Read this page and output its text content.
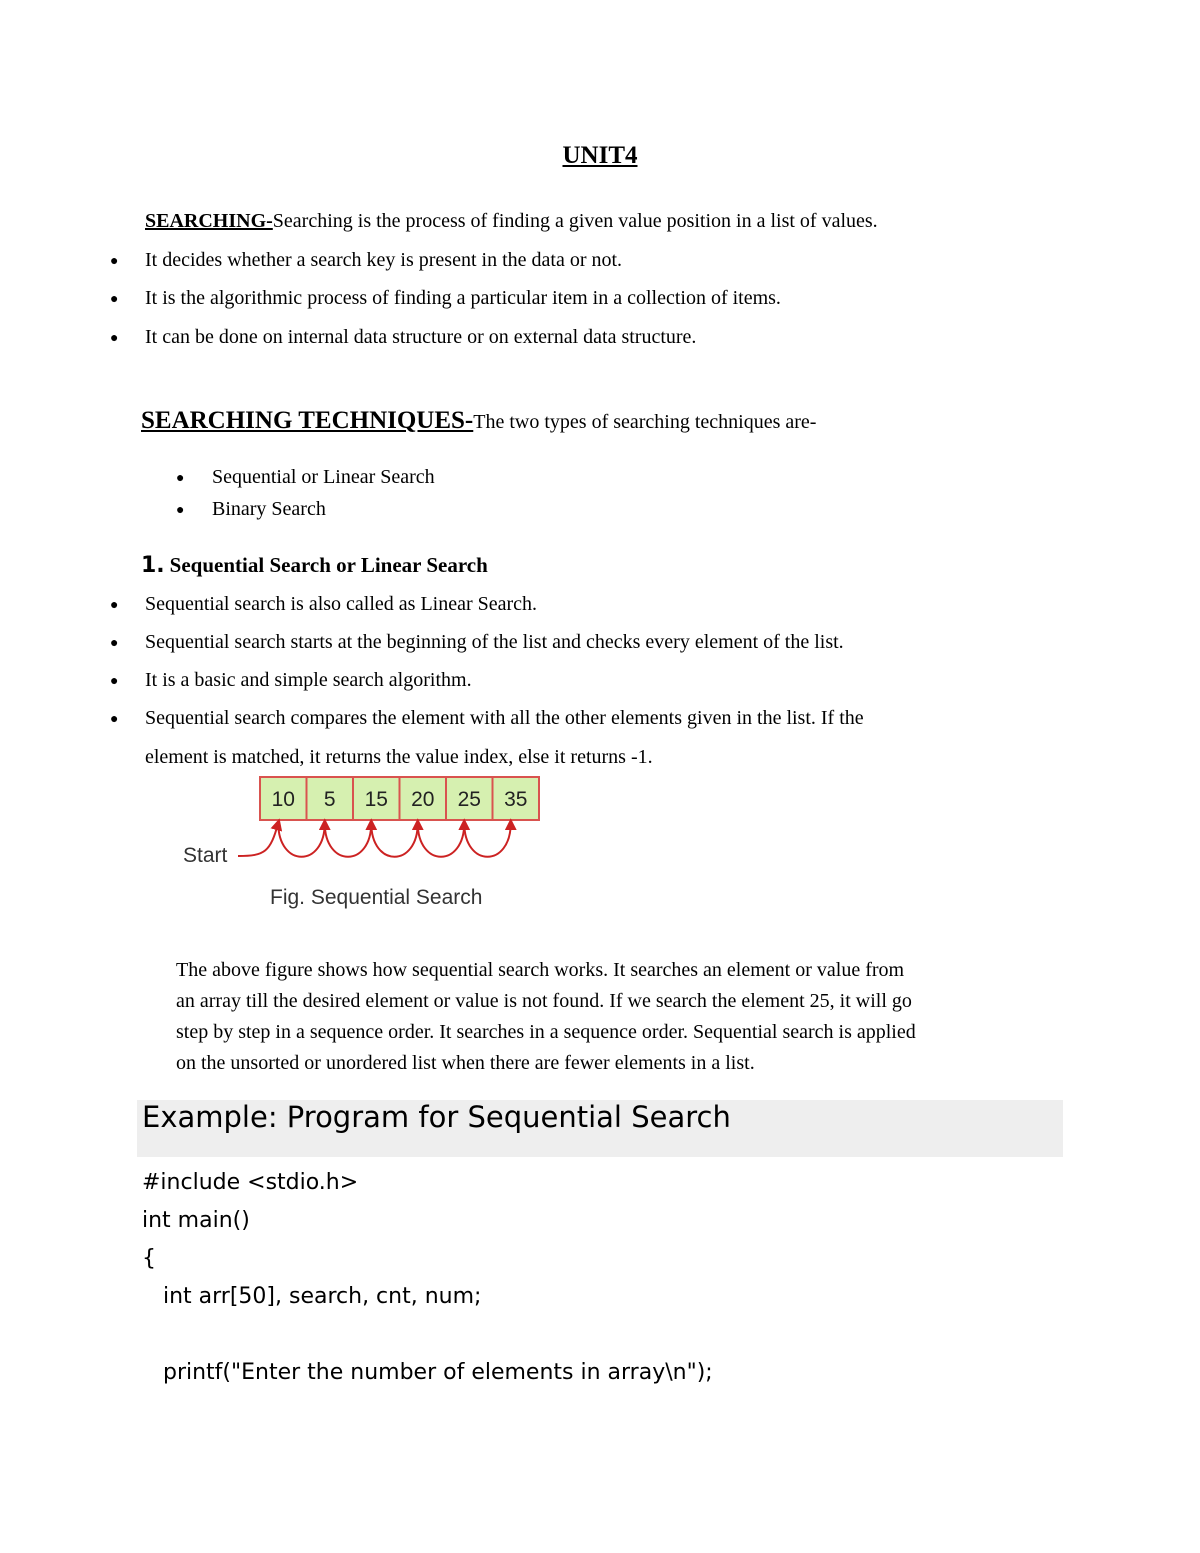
UNIT4
SEARCHING-Searching is the process of finding a given value position in a list of values.
● It decides whether a search key is present in the data or not.
● It is the algorithmic process of finding a particular item in a collection of items.
● It can be done on internal data structure or on external data structure.
SEARCHING TECHNIQUES-The two types of searching techniques are-
● Sequential or Linear Search
● Binary Search
1. Sequential Search or Linear Search
● Sequential search is also called as Linear Search.
● Sequential search starts at the beginning of the list and checks every element of the list.
● It is a basic and simple search algorithm.
● Sequential search compares the element with all the other elements given in the list. If the
element is matched, it returns the value index, else it returns -1.
10 5 15 20 25 35
Start
Fig. Sequential Search
The above figure shows how sequential search works. It searches an element or value from
an array till the desired element or value is not found. If we search the element 25, it will go
step by step in a sequence order. It searches in a sequence order. Sequential search is applied
on the unsorted or unordered list when there are fewer elements in a list.
Example: Program for Sequential Search
#include <stdio.h>
int main()
{
int arr[50], search, cnt, num;
printf("Enter the number of elements in array\n");
